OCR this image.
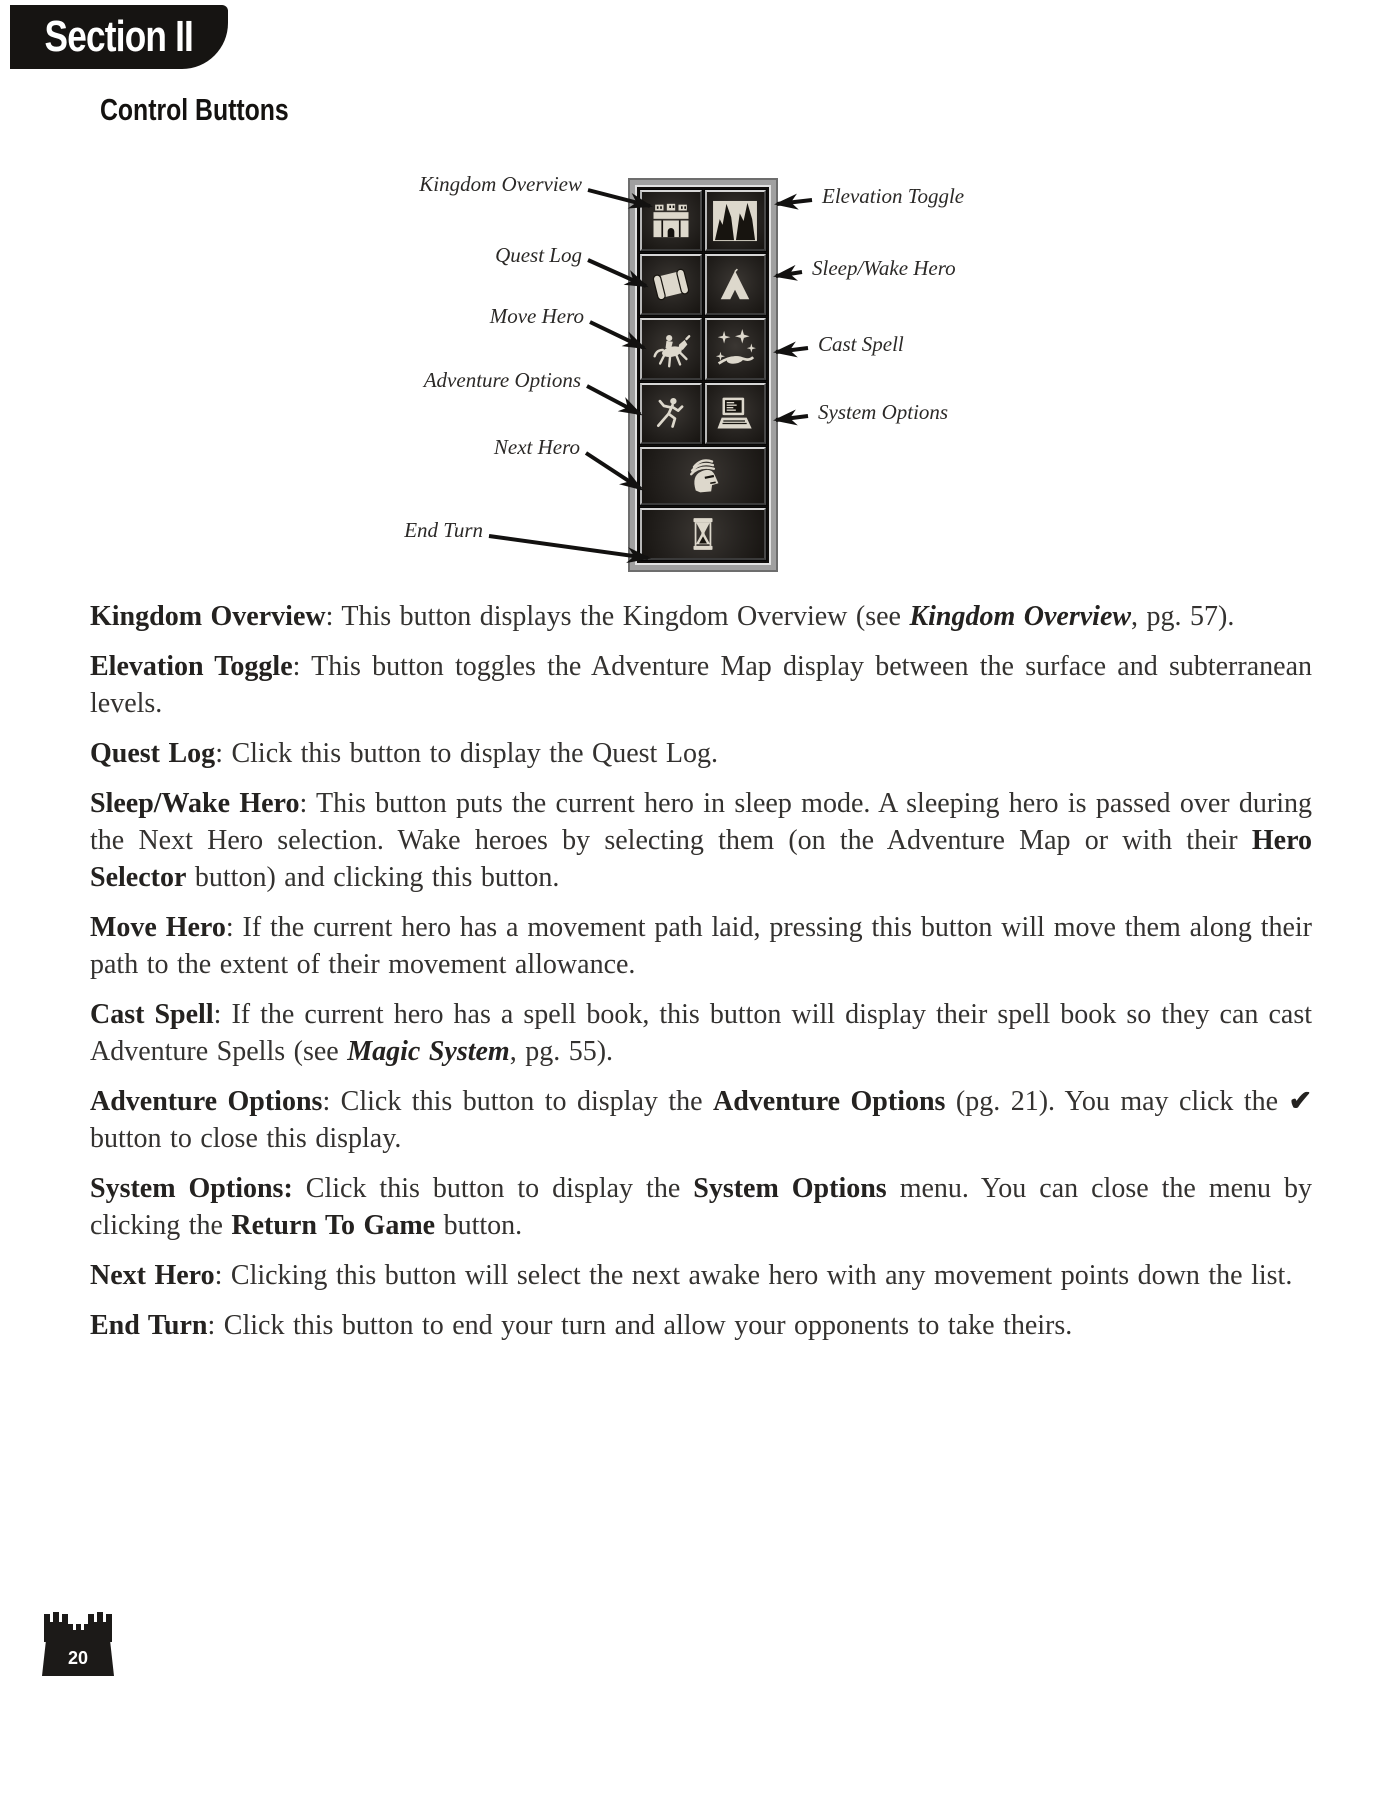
Section II
Control Buttons
Kingdom Overview
Quest Log
Move Hero
Adventure Options
Next Hero
End Turn
Elevation Toggle
Sleep/Wake Hero
Cast Spell
System Options

Kingdom Overview: This button displays the Kingdom Overview (see Kingdom Overview, pg. 57).

Elevation Toggle: This button toggles the Adventure Map display between the surface and subterranean levels.

Quest Log: Click this button to display the Quest Log.

Sleep/Wake Hero: This button puts the current hero in sleep mode. A sleeping hero is passed over during the Next Hero selection. Wake heroes by selecting them (on the Adventure Map or with their Hero Selector button) and clicking this button.

Move Hero: If the current hero has a movement path laid, pressing this button will move them along their path to the extent of their movement allowance.

Cast Spell: If the current hero has a spell book, this button will display their spell book so they can cast Adventure Spells (see Magic System, pg. 55).

Adventure Options: Click this button to display the Adventure Options (pg. 21). You may click the ✔ button to close this display.

System Options: Click this button to display the System Options menu. You can close the menu by clicking the Return To Game button.

Next Hero: Clicking this button will select the next awake hero with any movement points down the list.

End Turn: Click this button to end your turn and allow your opponents to take theirs.

20
